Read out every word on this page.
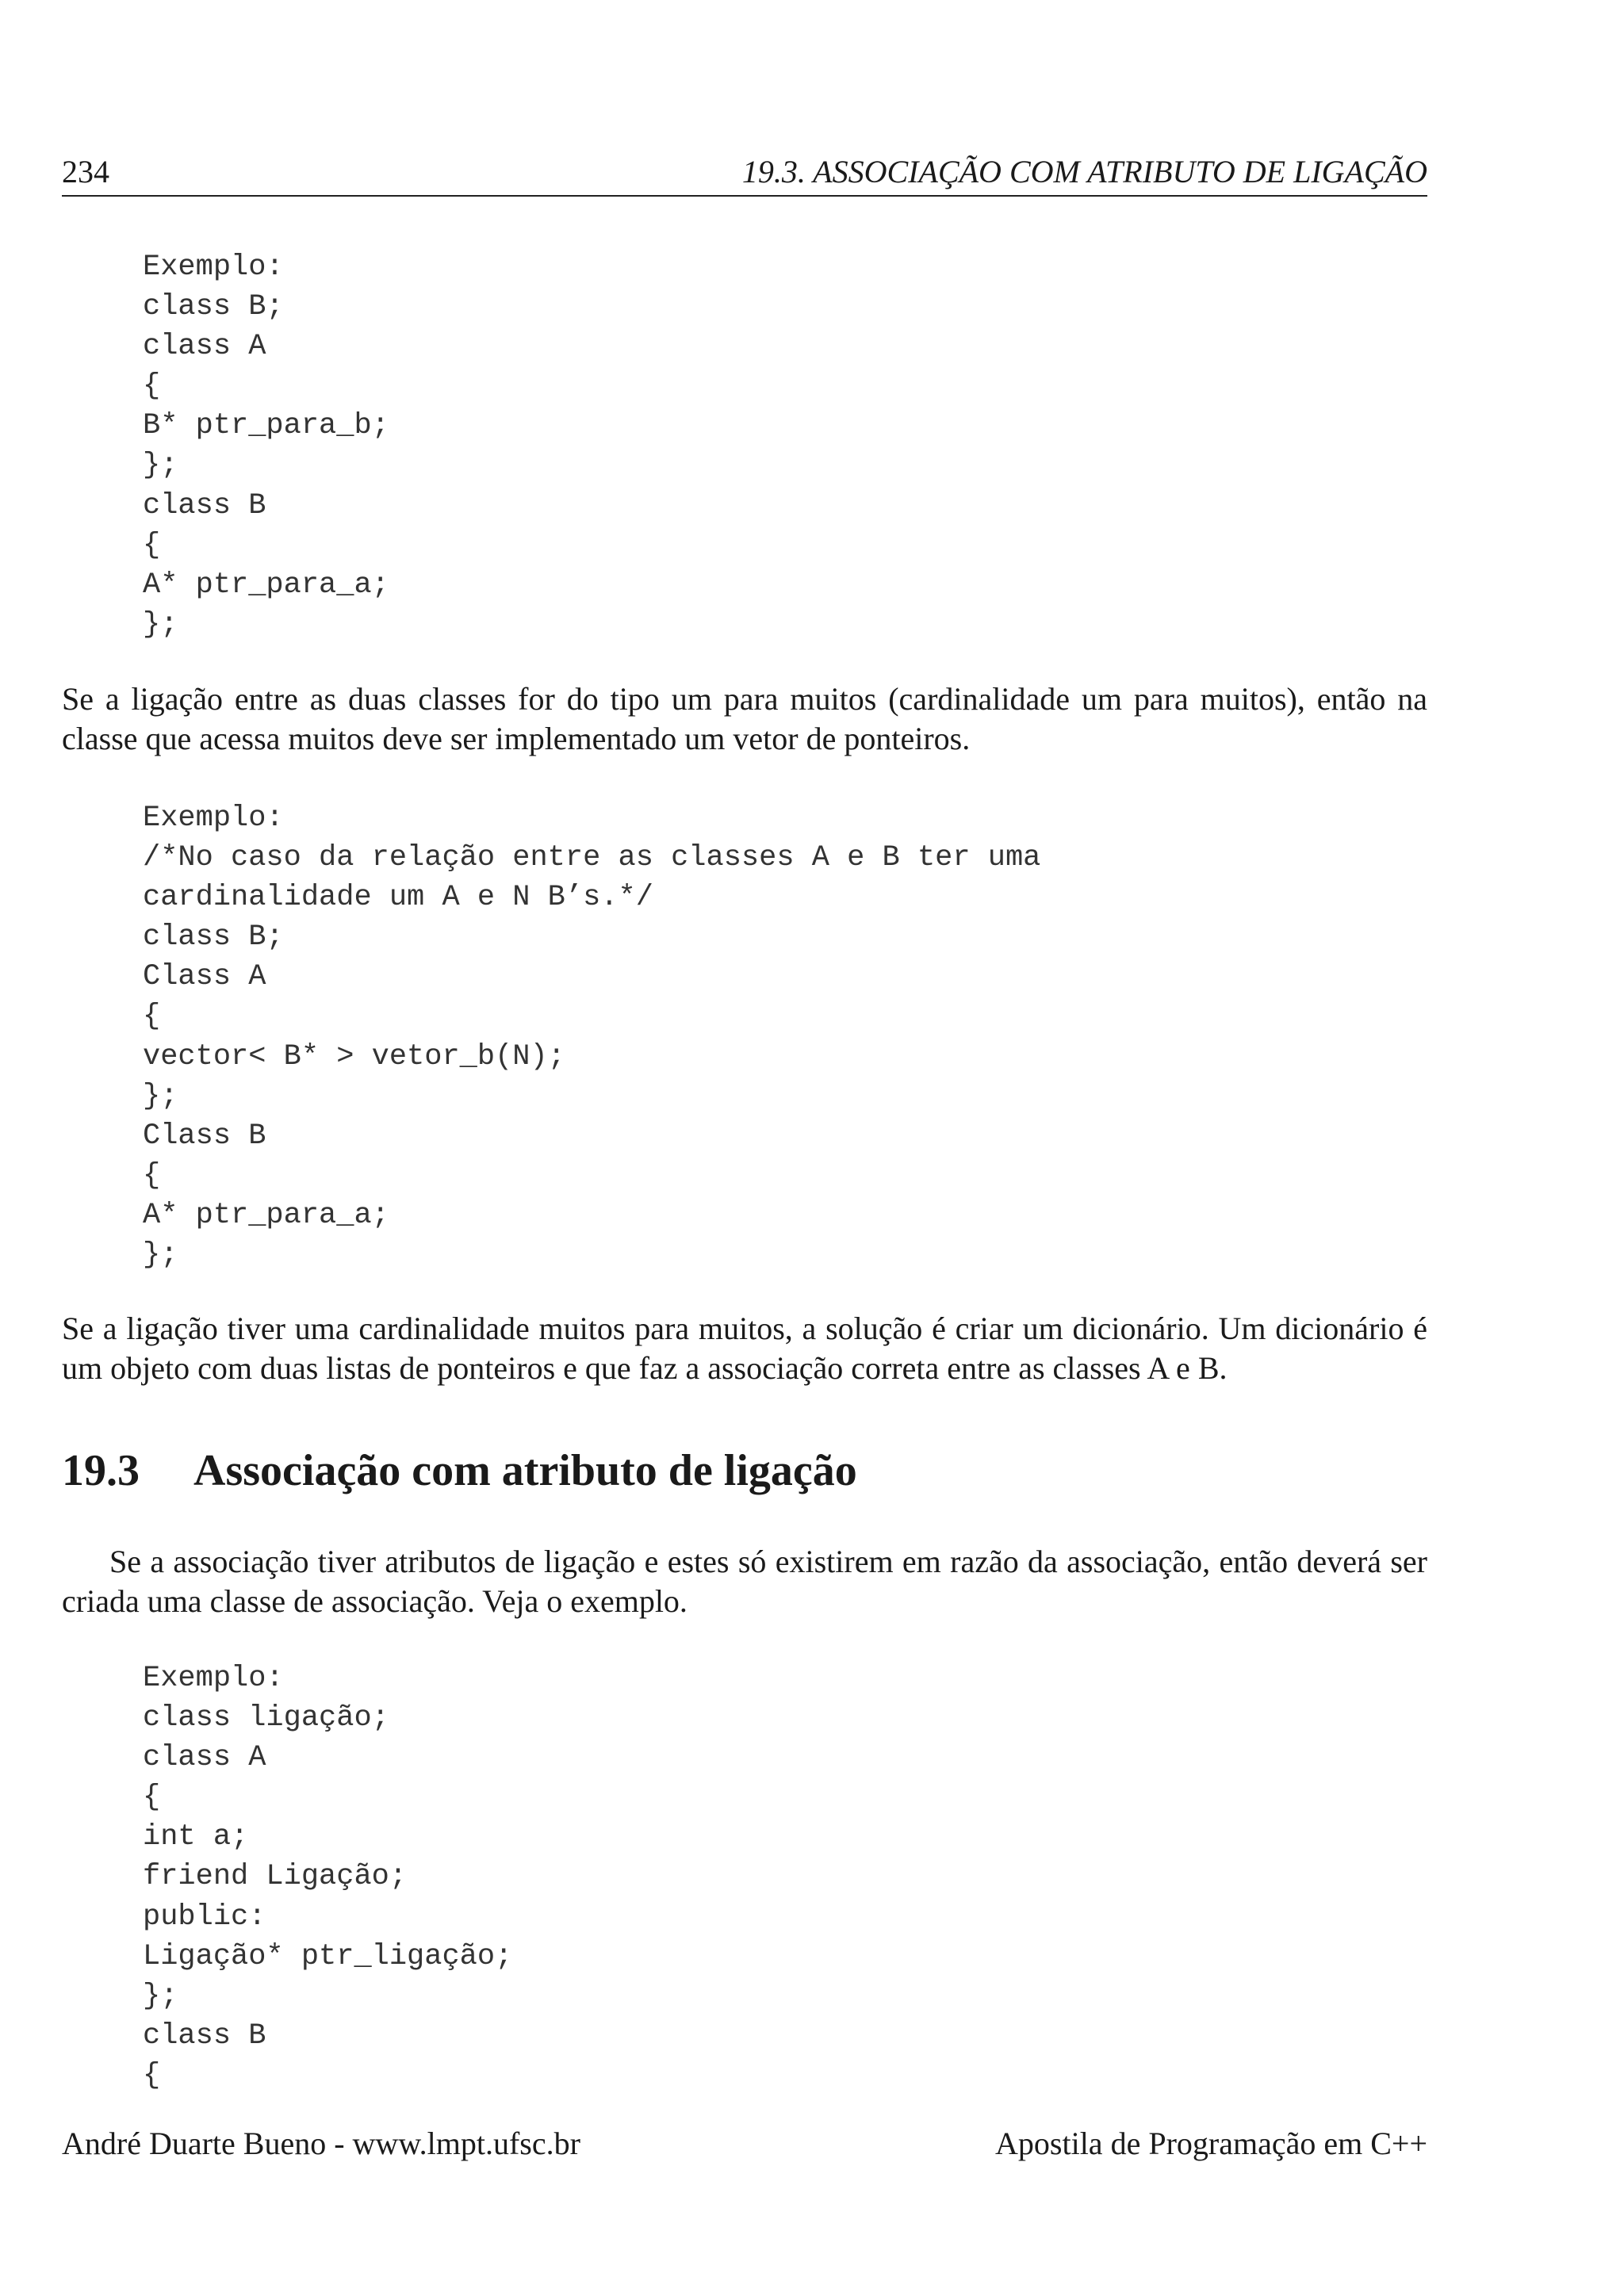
234	19.3. ASSOCIAÇÃO COM ATRIBUTO DE LIGAÇÃO
Exemplo:
class B;
class A
{
B* ptr_para_b;
};
class B
{
A* ptr_para_a;
};

Se a ligação entre as duas classes for do tipo um para muitos (cardinalidade um para muitos), então na classe que acessa muitos deve ser implementado um vetor de ponteiros.

Exemplo:
/*No caso da relação entre as classes A e B ter uma
cardinalidade um A e N B’s.*/
class B;
Class A
{
vector< B* > vetor_b(N);
};
Class B
{
A* ptr_para_a;
};

Se a ligação tiver uma cardinalidade muitos para muitos, a solução é criar um dicionário. Um dicionário é um objeto com duas listas de ponteiros e que faz a associação correta entre as classes A e B.

19.3 Associação com atributo de ligação

Se a associação tiver atributos de ligação e estes só existirem em razão da associação, então deverá ser criada uma classe de associação. Veja o exemplo.

Exemplo:
class ligação;
class A
{
int a;
friend Ligação;
public:
Ligação* ptr_ligação;
};
class B
{
André Duarte Bueno - www.lmpt.ufsc.br	Apostila de Programação em C++
